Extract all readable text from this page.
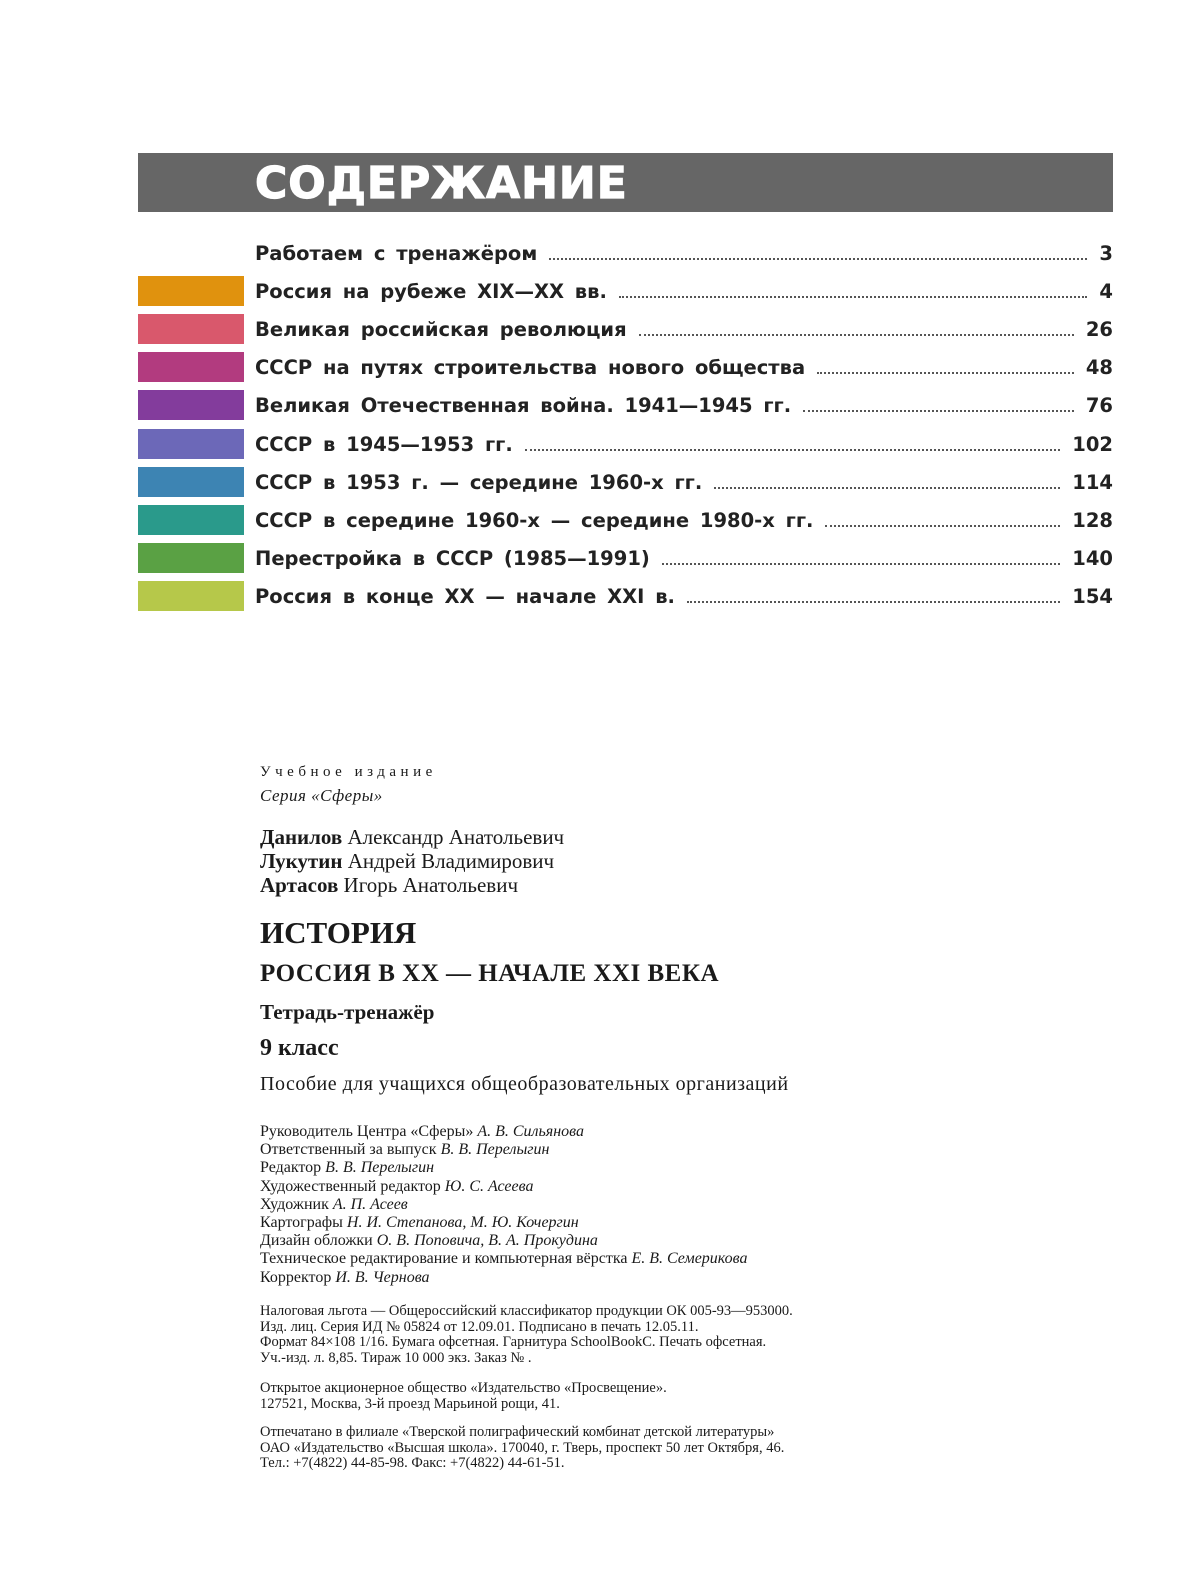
СОДЕРЖАНИЕ
Работаем с тренажёром	3
Россия на рубеже XIX—XX вв.	4
Великая российская революция	26
СССР на путях строительства нового общества	48
Великая Отечественная война. 1941—1945 гг.	76
СССР в 1945—1953 гг.	102
СССР в 1953 г. — середине 1960-х гг.	114
СССР в середине 1960-х — середине 1980-х гг.	128
Перестройка в СССР (1985—1991)	140
Россия в конце XX — начале XXI в.	154
Учебное издание
Серия «Сферы»
Данилов Александр Анатольевич
Лукутин Андрей Владимирович
Артасов Игорь Анатольевич
ИСТОРИЯ
РОССИЯ В XX — НАЧАЛЕ XXI ВЕКА
Тетрадь-тренажёр
9 класс
Пособие для учащихся общеобразовательных организаций
Руководитель Центра «Сферы» А. В. Сильянова
Ответственный за выпуск В. В. Перелыгин
Редактор В. В. Перелыгин
Художественный редактор Ю. С. Асеева
Художник А. П. Асеев
Картографы Н. И. Степанова, М. Ю. Кочергин
Дизайн обложки О. В. Поповича, В. А. Прокудина
Техническое редактирование и компьютерная вёрстка Е. В. Семерикова
Корректор И. В. Чернова
Налоговая льгота — Общероссийский классификатор продукции ОК 005-93—953000.
Изд. лиц. Серия ИД № 05824 от 12.09.01. Подписано в печать 12.05.11.
Формат 84×108 1/16. Бумага офсетная. Гарнитура SchoolBookC. Печать офсетная.
Уч.-изд. л. 8,85. Тираж 10 000 экз. Заказ № .
Открытое акционерное общество «Издательство «Просвещение».
127521, Москва, 3-й проезд Марьиной рощи, 41.
Отпечатано в филиале «Тверской полиграфический комбинат детской литературы»
ОАО «Издательство «Высшая школа». 170040, г. Тверь, проспект 50 лет Октября, 46.
Тел.: +7(4822) 44-85-98. Факс: +7(4822) 44-61-51.
